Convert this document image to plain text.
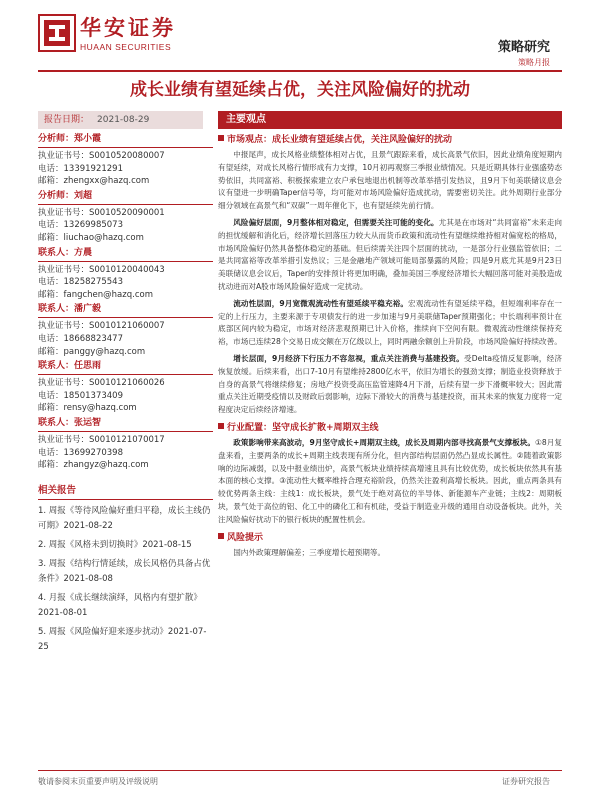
华安证券
HUAAN SECURITIES	策略研究
策略月报
成长业绩有望延续占优，关注风险偏好的扰动
报告日期： 2021-08-29
分析师：郑小霞
执业证书号：S0010520080007
电话：13391921291
邮箱：zhengxx@hazq.com
分析师：刘超
执业证书号：S0010520090001
电话：13269985073
邮箱：liuchao@hazq.com
联系人：方晨
执业证书号：S0010120040043
电话：18258275543
邮箱：fangchen@hazq.com
联系人：潘广毅
执业证书号：S0010121060007
电话：18668823477
邮箱：panggy@hazq.com
联系人：任思雨
执业证书号：S0010121060026
电话：18501373409
邮箱：rensy@hazq.com
联系人：张运智
执业证书号：S0010121070017
电话：13699270398
邮箱：zhangyz@hazq.com
相关报告
1. 周报《等待风险偏好重归平稳，成长主线仍可期》2021-08-22
2. 周报《风格未到切换时》2021-08-15
3. 周报《结构行情延续，成长风格仍具备占优条件》2021-08-08
4. 月报《成长继续演绎，风格内有望扩散》2021-08-01
5. 周报《风险偏好迎来逐步扰动》2021-07-25
主要观点
市场观点：成长业绩有望延续占优，关注风险偏好的扰动

中报尾声，成长风格业绩整体相对占优，且景气跟踪来看，成长高景气依旧，因此业绩角度短期内有望延续，对成长风格行情形成有力支撑，10月初再观察三季报业绩情况。只是近期具体行业强盛势态势依旧，共同富裕、积极探索建立农户承包地退出机制等改革举措引发热议，且9月下旬美联储议息会议有望进一步明确Taper信号等，均可能对市场风险偏好造成扰动，需要密切关注。此外周期行业部分细分领域在高景气和“双碳”一周年催化下，也有望延续先前行情。

风险偏好层面，9月整体相对稳定，但需要关注可能的变化。尤其是在市场对“共同富裕”未来走向的担忧缓解和消化后，经济增长回落压力较大从而货币政策和流动性有望继续维持相对偏宽松的格局，市场风险偏好仍然具备整体稳定的基础。但后续需关注四个层面的扰动，一是部分行业强监管依旧；二是共同富裕等改革举措引发热议；三是金融地产领域可能局部暴露的风险；四是9月底尤其是9月23日美联储议息会议后，Taper的安排预计将更加明确，叠加美国三季度经济增长大幅回落可能对美股造成扰动进而对A股市场风险偏好造成一定扰动。

流动性层面，9月宽微观流动性有望延续平稳充裕。宏观流动性有望延续平稳，但短端利率存在一定的上行压力，主要来源于专项债发行的进一步加速与9月美联储Taper预期强化；中长端利率预计在底部区间内较为稳定，市场对经济悲观预期已计入价格，推续向下空间有限。微观流动性继续保持充裕，市场已连续28个交易日成交额在万亿级以上，同时两融余额创上升阶段，市场风险偏好持续改善。

增长层面，9月经济下行压力不容忽视，重点关注消费与基建投资。受Delta疫情反复影响，经济恢复放缓。后续来看，出口7-10月有望维持2800亿水平，依旧为增长的强劲支撑；制造业投资释放于自身的高景气将继续修复；房地产投资受高压监管速降4月下滑，后续有望一步下滑概率较大；因此需重点关注近期受疫情以及财政后弱影响，边际下滑较大的消费与基建投资，而其未来的恢复力度将一定程度决定后续经济增速。

行业配置：坚守成长扩散+周期双主线

政策影响带来高波动，9月坚守成长+周期双主线，成长及周期内部寻找高景气支撑板块。①8月复盘来看，主要两条的成长+周期主线表现有所分化，但内部结构层面仍然凸显成长属性。②随着政策影响的边际减弱，以及中报业绩出炉，高景气板块业绩持续高增速且具有比较优势，成长板块依然具有基本面的核心支撑。③流动性大概率维持合理充裕阶段，仍然关注盈利高增长板块。因此，重点两条具有较优势两条主线：主线1：成长板块，景气处于绝对高位的半导体、新能源车产业链；主线2：周期板块，景气处于高位的铝、化工中的磷化工和有机硅，受益于制造业升级的通用自动设备板块。此外，关注风险偏好扰动下的银行板块的配置性机会。

风险提示

国内外政策理解偏差；三季度增长超预期等。

敬请参阅末页重要声明及评级说明	证券研究报告
